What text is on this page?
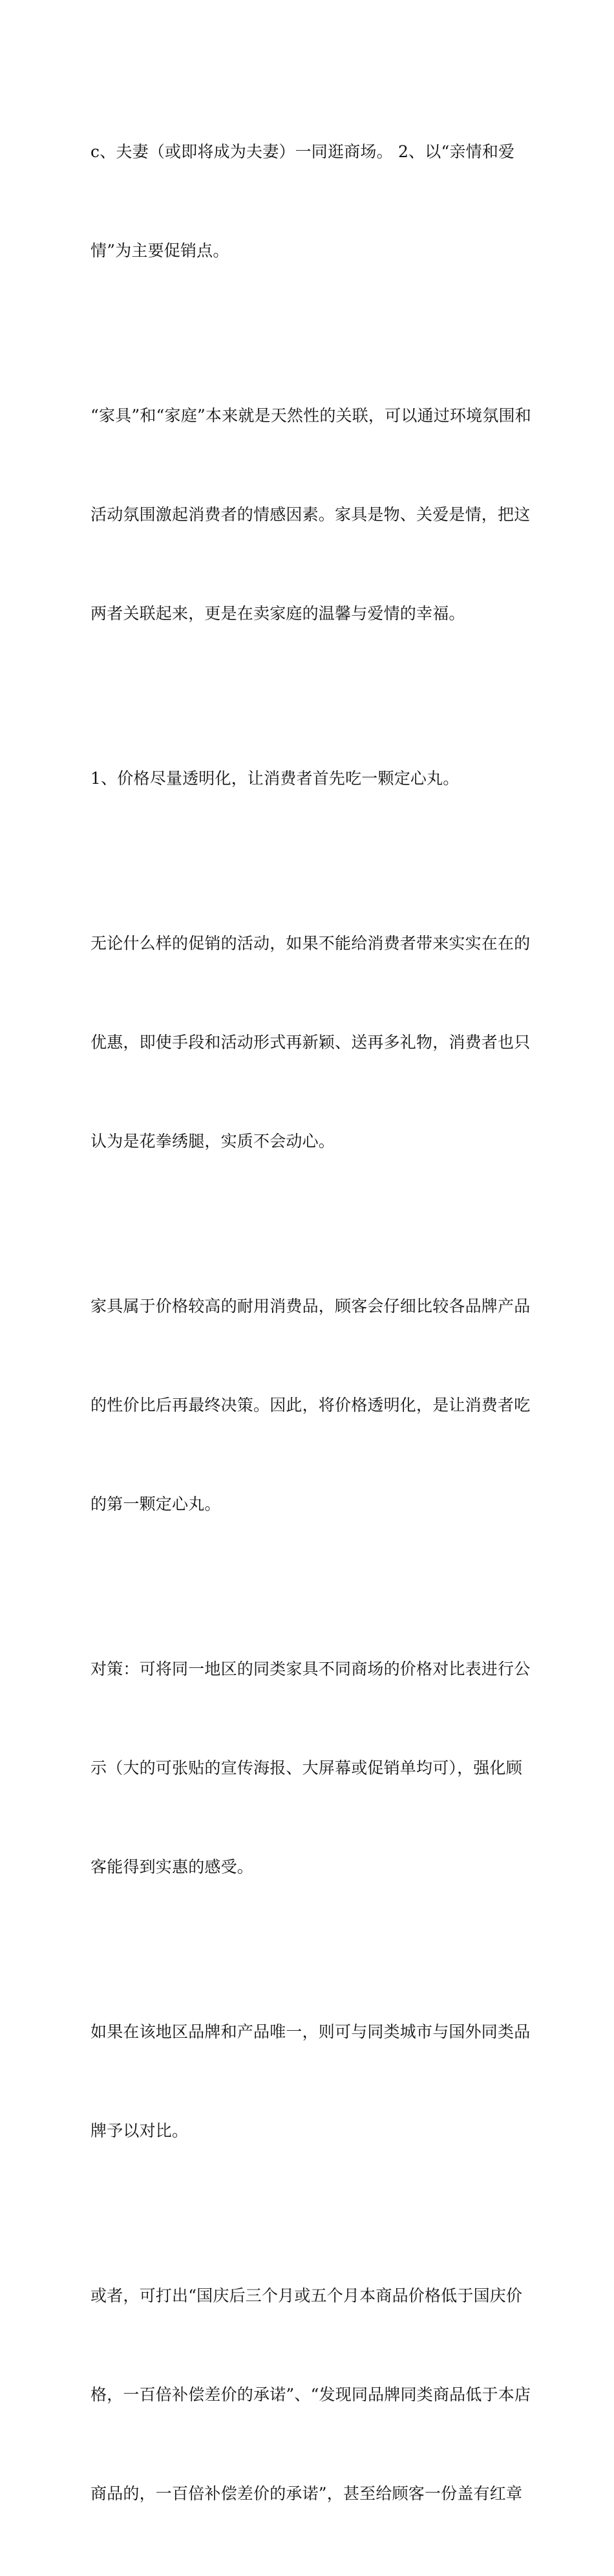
c、夫妻（或即将成为夫妻）一同逛商场。 2、以“亲情和爱

情”为主要促销点。

“家具”和“家庭”本来就是天然性的关联，可以通过环境氛围和

活动氛围激起消费者的情感因素。家具是物、关爱是情，把这

两者关联起来，更是在卖家庭的温馨与爱情的幸福。

1、价格尽量透明化，让消费者首先吃一颗定心丸。

无论什么样的促销的活动，如果不能给消费者带来实实在在的

优惠，即使手段和活动形式再新颖、送再多礼物，消费者也只

认为是花拳绣腿，实质不会动心。

家具属于价格较高的耐用消费品，顾客会仔细比较各品牌产品

的性价比后再最终决策。因此，将价格透明化，是让消费者吃

的第一颗定心丸。

对策：可将同一地区的同类家具不同商场的价格对比表进行公

示（大的可张贴的宣传海报、大屏幕或促销单均可），强化顾

客能得到实惠的感受。

如果在该地区品牌和产品唯一，则可与同类城市与国外同类品

牌予以对比。

或者，可打出“国庆后三个月或五个月本商品价格低于国庆价

格，一百倍补偿差价的承诺”、“发现同品牌同类商品低于本店

商品的，一百倍补偿差价的承诺”，甚至给顾客一份盖有红章
